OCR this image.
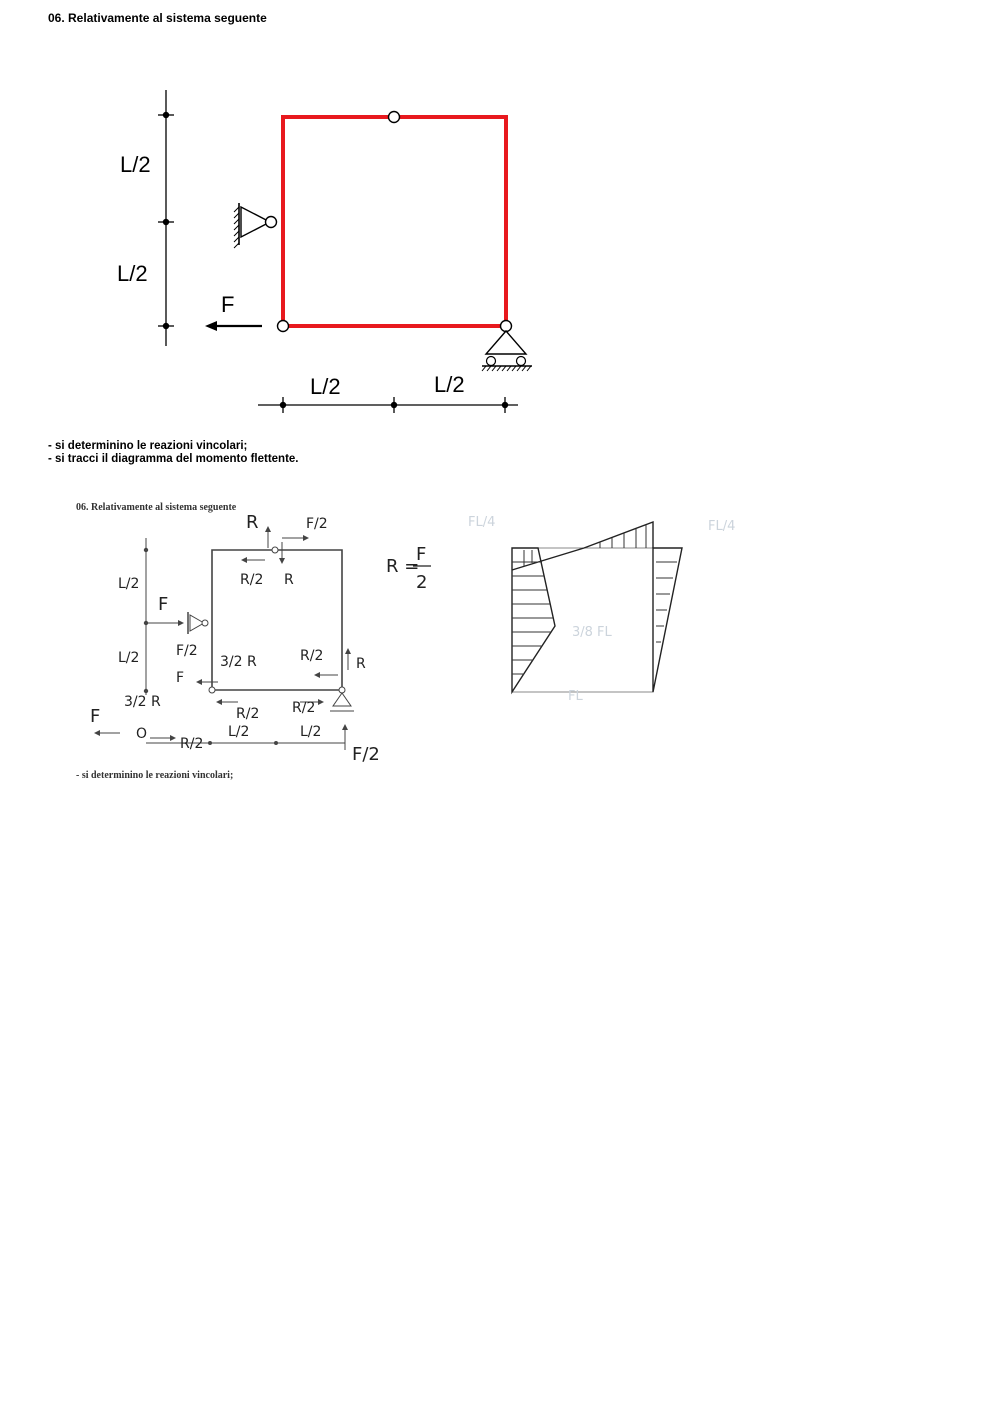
06. Relativamente al sistema seguente
L/2
L/2
F
L/2	L/2
- si determinino le reazioni vincolari;
- si tracci il diagramma del momento flettente.
06. Relativamente al sistema seguente
L/2
L/2
R	F/2
R/2 R
F
F/2
3/2 R	R/2 R
F
3/2 R
R/2 R/2
F
O
R/2
L/2	L/2
F/2
R =
F
2
- si determinino le reazioni vincolari;
FL/4	FL/4
3/8 FL
FL
